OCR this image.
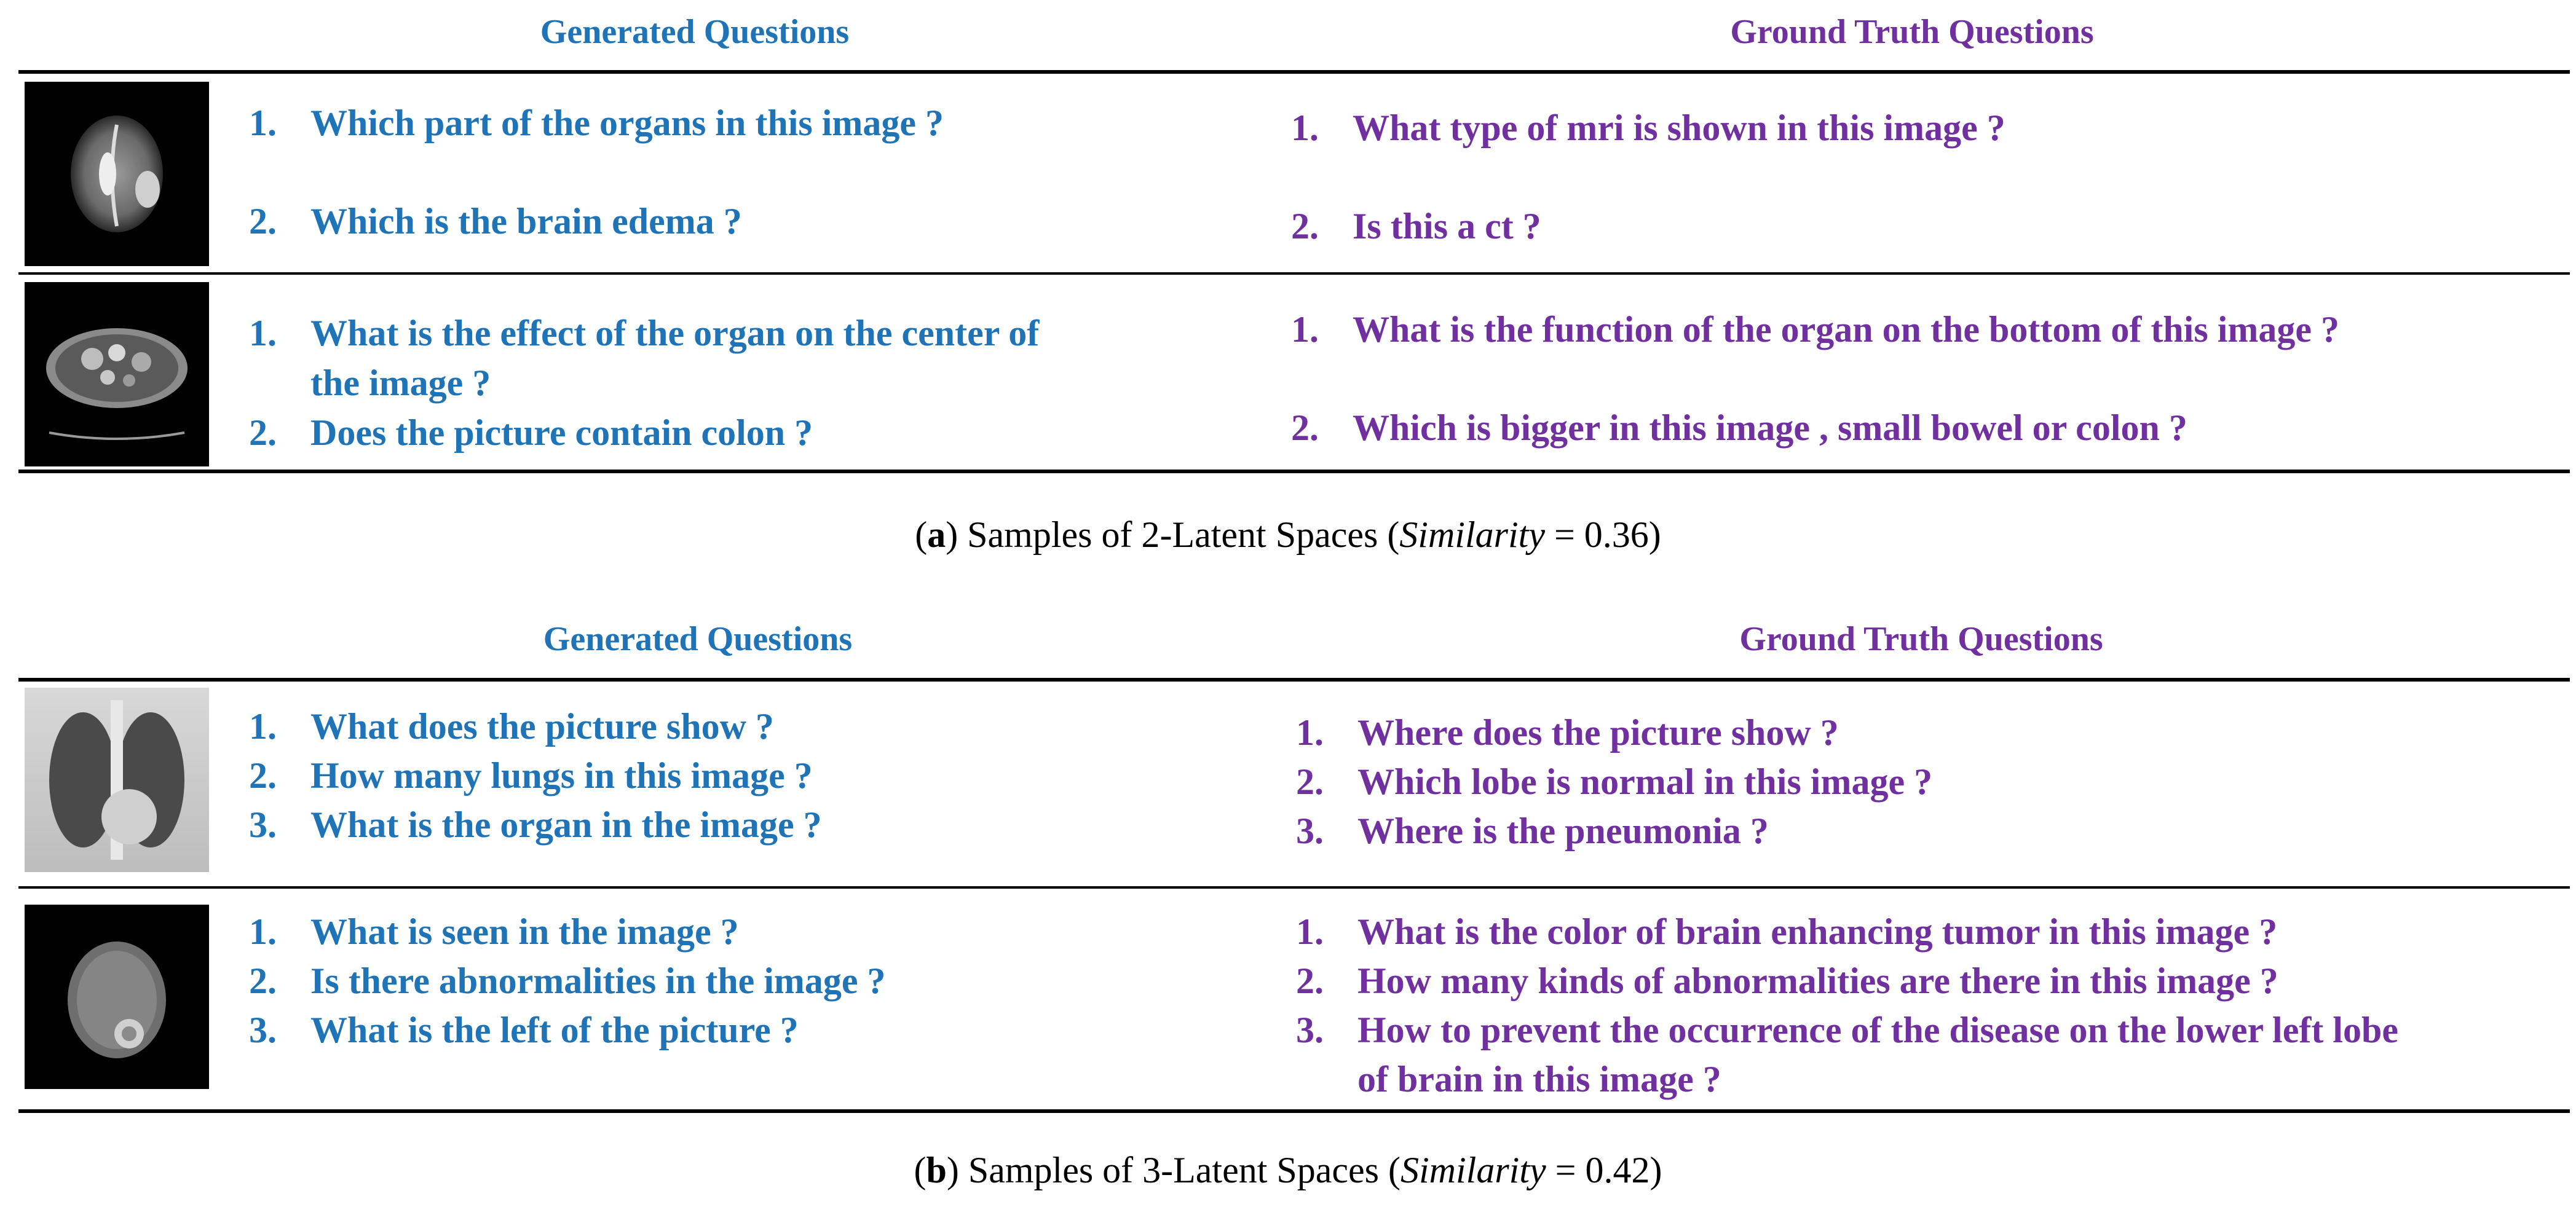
Generated Questions	Ground Truth Questions
1. Which part of the organs in this image ?
2. Which is the brain edema ?
1. What type of mri is shown in this image ?
2. Is this a ct ?
1. What is the effect of the organ on the center of
the image ?
2. Does the picture contain colon ?
1. What is the function of the organ on the bottom of this image ?
2. Which is bigger in this image , small bowel or colon ?
(a) Samples of 2-Latent Spaces (Similarity = 0.36)
Generated Questions	Ground Truth Questions
1. What does the picture show ?
2. How many lungs in this image ?
3. What is the organ in the image ?
1. Where does the picture show ?
2. Which lobe is normal in this image ?
3. Where is the pneumonia ?
1. What is seen in the image ?
2. Is there abnormalities in the image ?
3. What is the left of the picture ?
1. What is the color of brain enhancing tumor in this image ?
2. How many kinds of abnormalities are there in this image ?
3. How to prevent the occurrence of the disease on the lower left lobe
of brain in this image ?
(b) Samples of 3-Latent Spaces (Similarity = 0.42)
